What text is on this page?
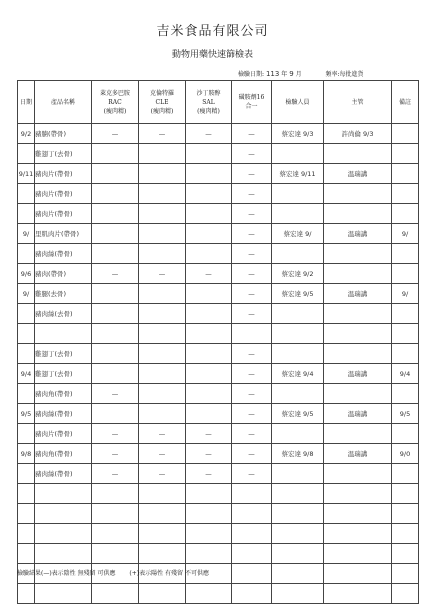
吉米食品有限公司
動物用藥快速篩檢表
檢驗日期: 113 年 9 月	頻率:每批進貨
日期	產品名稱	萊克多巴胺
RAC
(瘦肉精)	克倫特羅
CLE
(瘦肉精)	沙丁胺醇
SAL
(瘦肉精)	磺胺劑16
合一	檢驗人員	主管	備註
9/2	豬腩(帶骨)	—	—	—	—	蔡宏達 9/3	許尚倫 9/3	
	雞翅丁(去骨)				—			
9/11	豬肉片(帶骨)				—	蔡宏達 9/11	温瑞講	
	豬肉片(帶骨)				—			
	豬肉片(帶骨)				—			
9/	里肌肉片(帶骨)				—	蔡宏達 9/	温瑞講	9/
	豬肉絲(帶骨)				—			
9/6	豬肉(帶骨)	—	—	—	—	蔡宏達 9/2		
9/	雞腿(去骨)				—	蔡宏達 9/5	温瑞講	9/
	豬肉絲(去骨)				—			

	雞翅丁(去骨)				—			
9/4	雞翅丁(去骨)				—	蔡宏達 9/4	温瑞講	9/4
	豬肉角(帶骨)	—			—			
9/5	豬肉絲(帶骨)				—	蔡宏達 9/5	温瑞講	9/5
	豬肉片(帶骨)	—	—	—	—			
9/8	豬肉角(帶骨)	—	—	—	—	蔡宏達 9/8	温瑞講	9/0
	豬肉絲(帶骨)	—	—	—	—			

檢驗結果(—)表示陰性 無殘留 可供應 (+)表示陽性 有殘留 不可供應
